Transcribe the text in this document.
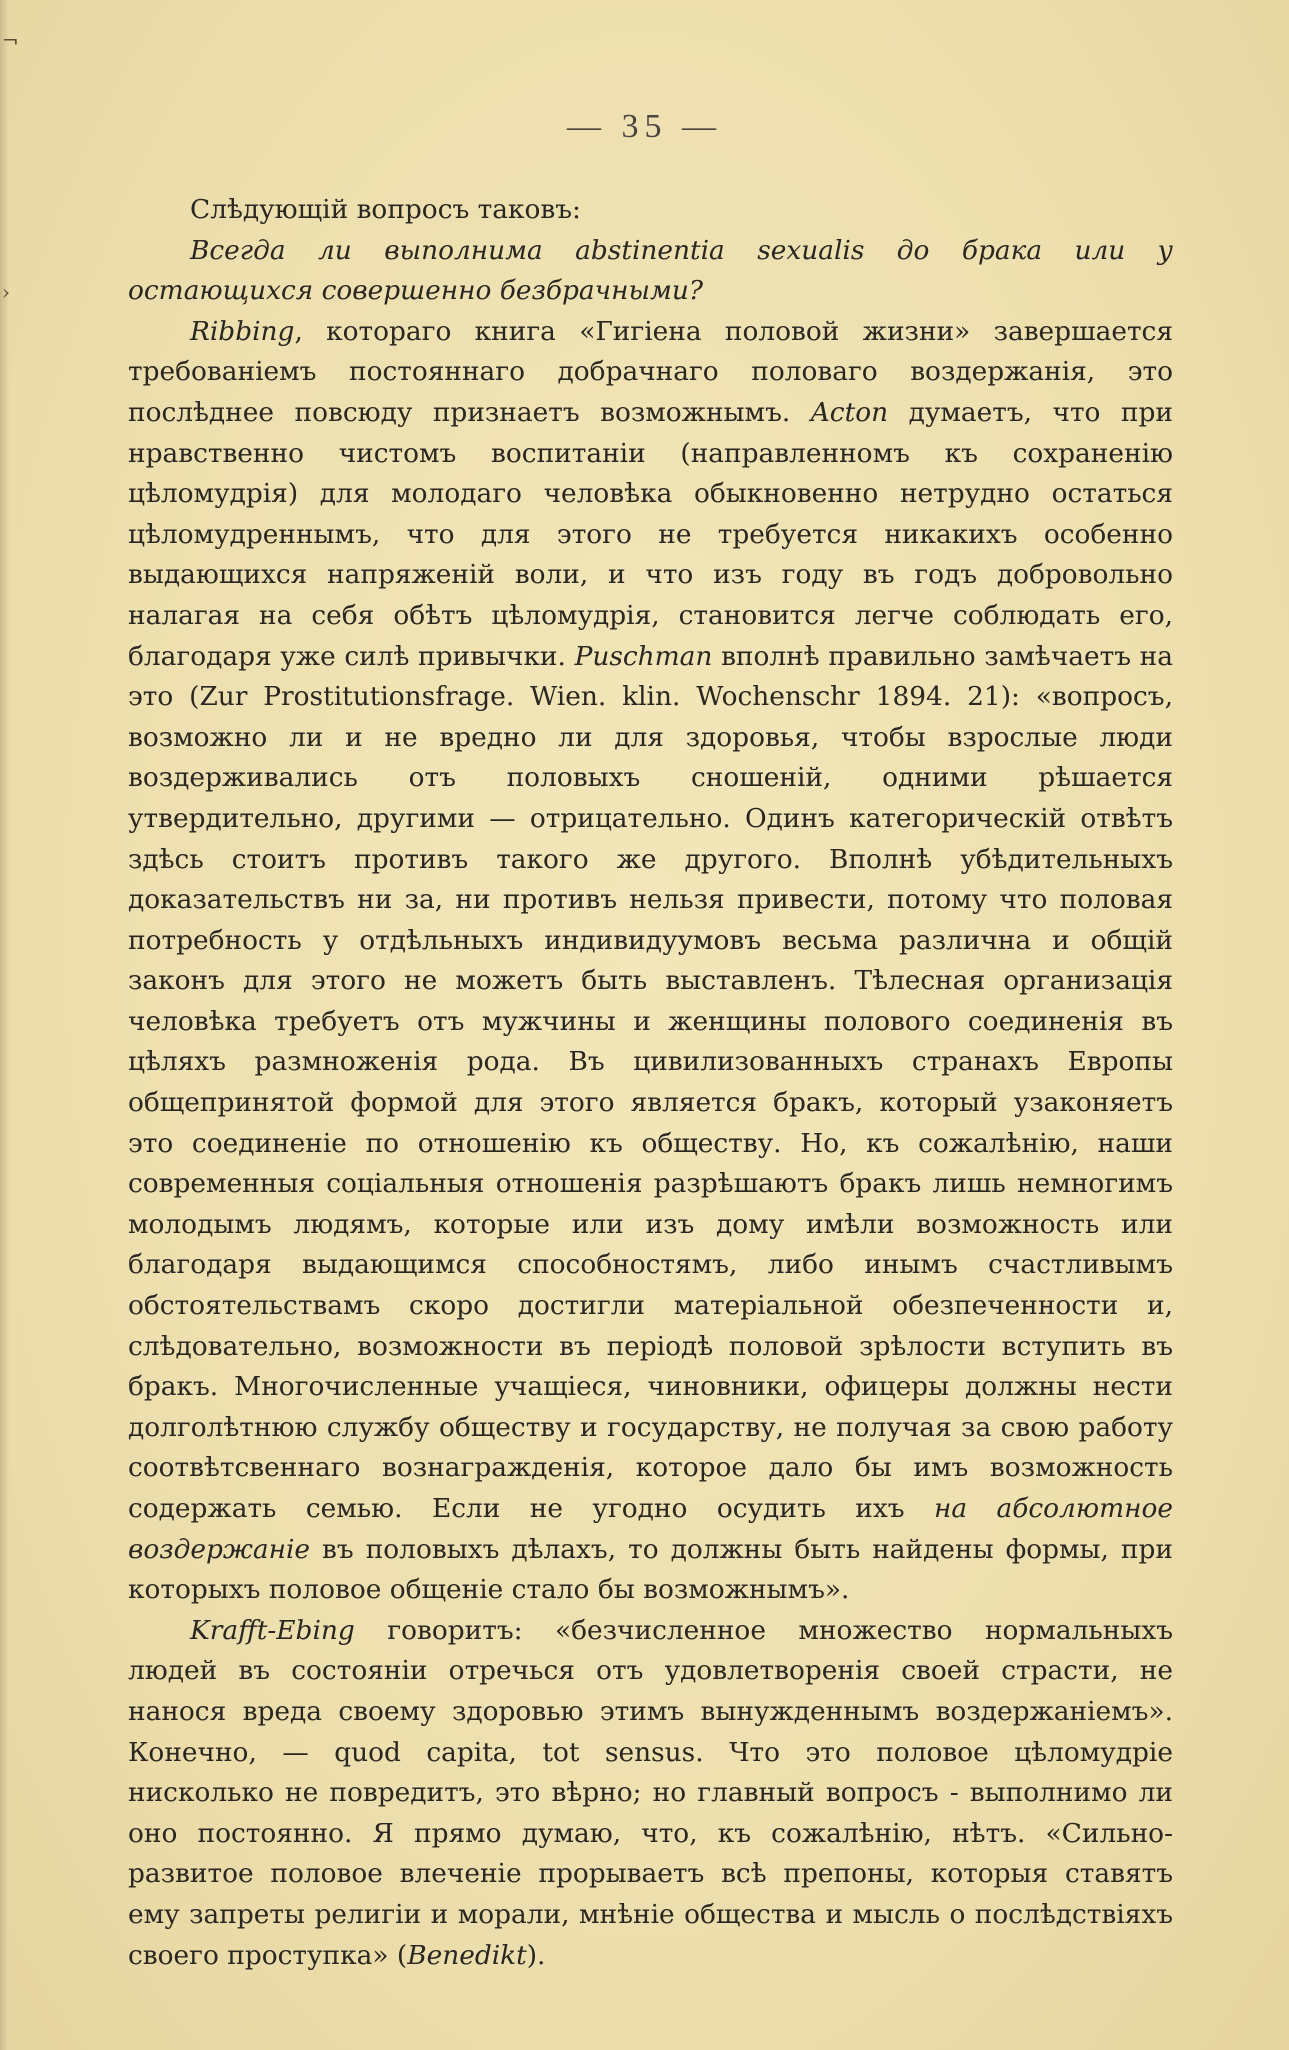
¬
›
— 35 —

Слѣдующій вопросъ таковъ:

Всегда ли выполнима abstinentia sexualis до брака или у остающихся совершенно безбрачными?

Ribbing, котораго книга «Гигіена половой жизни» завершается требованіемъ постояннаго добрачнаго половаго воздержанія, это послѣднее повсюду признаетъ возможнымъ. Acton думаетъ, что при нравственно чистомъ воспитаніи (направленномъ къ сохраненію цѣломудрія) для молодаго человѣка обыкновенно нетрудно остаться цѣломудреннымъ, что для этого не требуется никакихъ особенно выдающихся напряженій воли, и что изъ году въ годъ добровольно налагая на себя обѣтъ цѣломудрія, становится легче соблюдать его, благодаря уже силѣ привычки. Puschman вполнѣ правильно замѣчаетъ на это (Zur Prostitutionsfrage. Wien. klin. Wochenschr 1894. 21): «вопросъ, возможно ли и не вредно ли для здоровья, чтобы взрослые люди воздерживались отъ половыхъ сношеній, одними рѣшается утвердительно, другими — отрицательно. Одинъ категорическій отвѣтъ здѣсь стоитъ противъ такого же другого. Вполнѣ убѣдительныхъ доказательствъ ни за, ни противъ нельзя привести, потому что половая потребность у отдѣльныхъ индивидуумовъ весьма различна и общій законъ для этого не можетъ быть выставленъ. Тѣлесная организація человѣка требуетъ отъ мужчины и женщины полового соединенія въ цѣляхъ размноженія рода. Въ цивилизованныхъ странахъ Европы общепринятой формой для этого является бракъ, который узаконяетъ это соединеніе по отношенію къ обществу. Но, къ сожалѣнію, наши современныя соціальныя отношенія разрѣшаютъ бракъ лишь немногимъ молодымъ людямъ, которые или изъ дому имѣли возможность или благодаря выдающимся способностямъ, либо инымъ счастливымъ обстоятельствамъ скоро достигли матеріальной обезпеченности и, слѣдовательно, возможности въ періодѣ половой зрѣлости вступить въ бракъ. Многочисленные учащіеся, чиновники, офицеры должны нести долголѣтнюю службу обществу и государству, не получая за свою работу соотвѣтсвеннаго вознагражденія, которое дало бы имъ возможность содержать семью. Если не угодно осудить ихъ на абсолютное воздержаніе въ половыхъ дѣлахъ, то должны быть найдены формы, при которыхъ половое общеніе стало бы возможнымъ».

Krafft-Ebing говоритъ: «безчисленное множество нормальныхъ людей въ состояніи отречься отъ удовлетворенія своей страсти, не нанося вреда своему здоровью этимъ вынужденнымъ воздержаніемъ». Конечно, — quod capita, tot sensus. Что это половое цѣломудріе нисколько не повредитъ, это вѣрно; но главный вопросъ - выполнимо ли оно постоянно. Я прямо думаю, что, къ сожалѣнію, нѣтъ. «Сильно-развитое половое влеченіе прорываетъ всѣ препоны, которыя ставятъ ему запреты религіи и морали, мнѣніе общества и мысль о послѣдствіяхъ своего проступка» (Benedikt).
